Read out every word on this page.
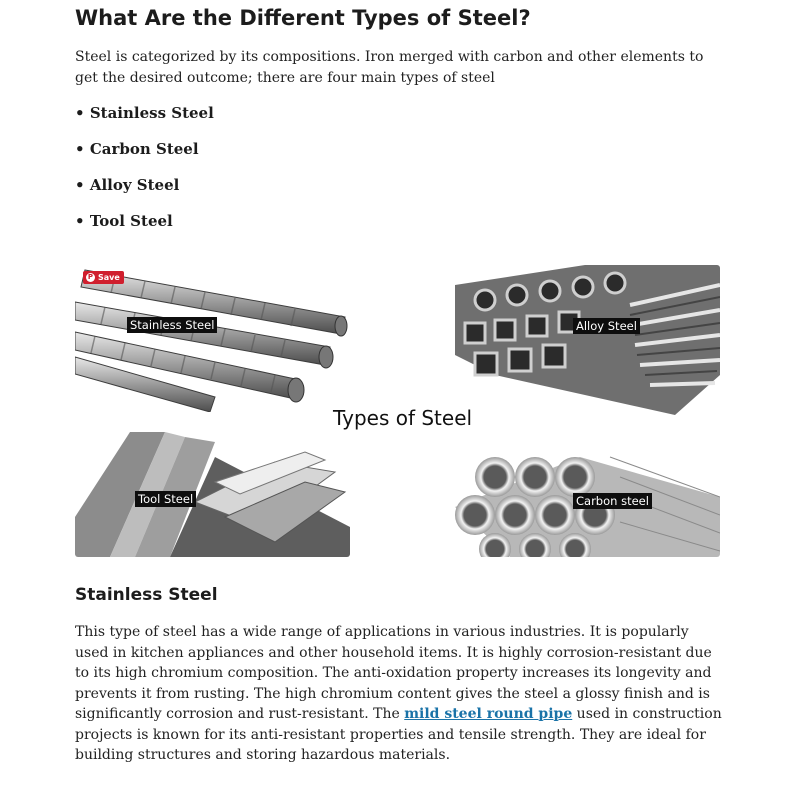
What Are the Different Types of Steel?

Steel is categorized by its compositions. Iron merged with carbon and other elements to get the desired outcome; there are four main types of steel

• Stainless Steel
• Carbon Steel
• Alloy Steel
• Tool Steel
P Save
Stainless Steel	Alloy Steel
Types of Steel
Tool Steel	Carbon steel
Stainless Steel

This type of steel has a wide range of applications in various industries. It is popularly used in kitchen appliances and other household items. It is highly corrosion-resistant due to its high chromium composition. The anti-oxidation property increases its longevity and prevents it from rusting. The high chromium content gives the steel a glossy finish and is significantly corrosion and rust-resistant. The mild steel round pipe used in construction projects is known for its anti-resistant properties and tensile strength. They are ideal for building structures and storing hazardous materials.
